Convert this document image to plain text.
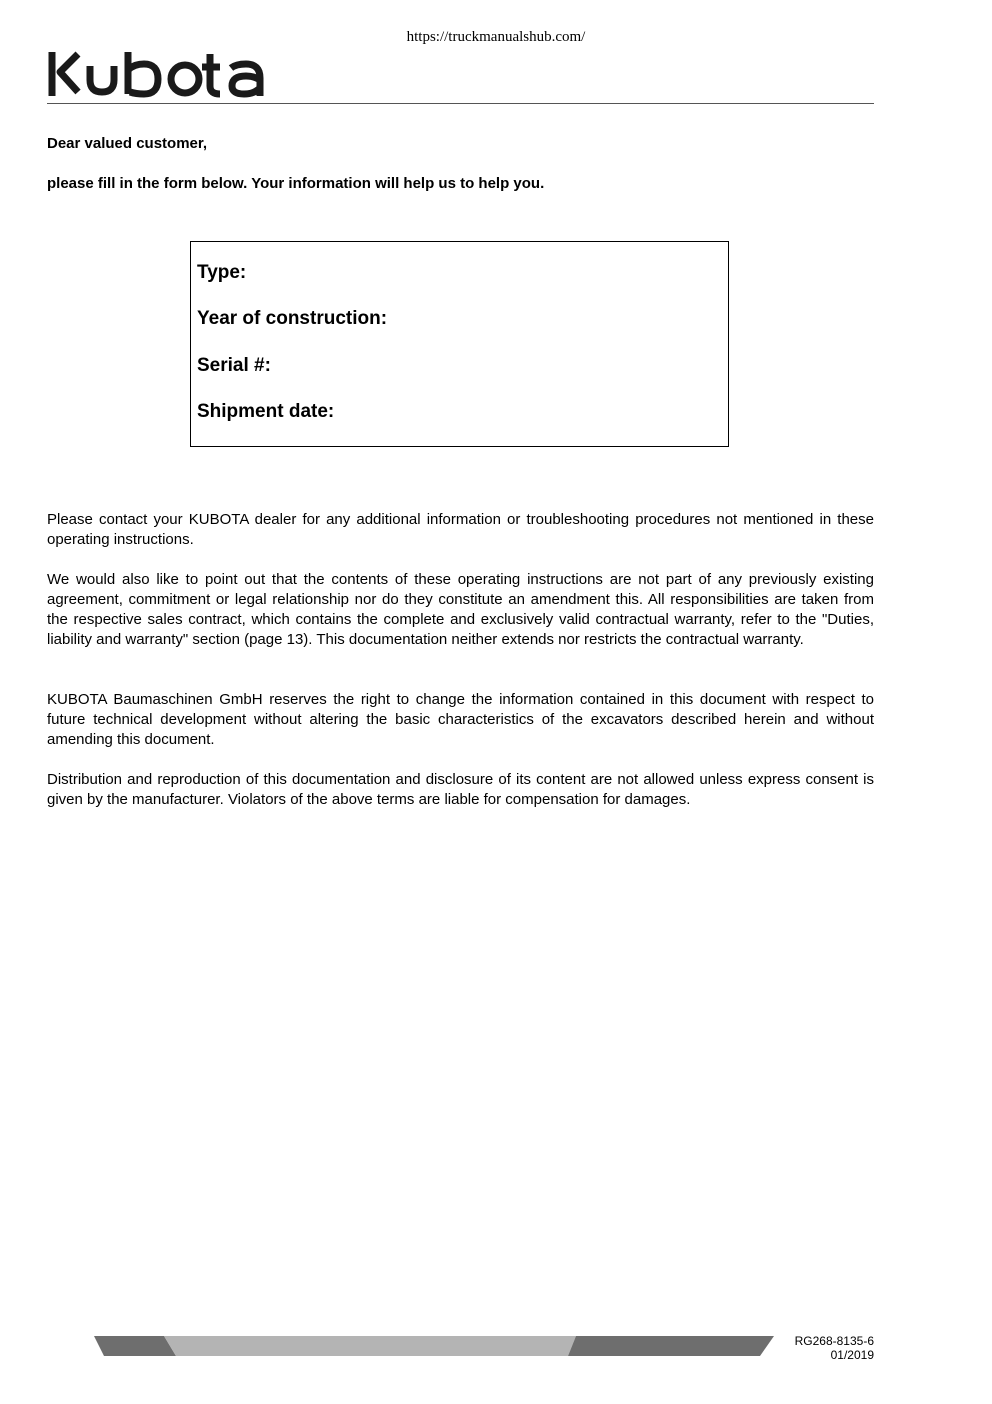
https://truckmanualshub.com/
Dear valued customer,
please fill in the form below. Your information will help us to help you.
Type:
Year of construction:
Serial #:
Shipment date:

Please contact your KUBOTA dealer for any additional information or troubleshooting procedures not mentioned in these operating instructions.

We would also like to point out that the contents of these operating instructions are not part of any previously existing agreement, commitment or legal relationship nor do they constitute an amendment this. All responsibilities are taken from the respective sales contract, which contains the complete and exclusively valid contractual warranty, refer to the "Duties, liability and warranty" section (page 13). This documentation neither extends nor restricts the contractual warranty.

KUBOTA Baumaschinen GmbH reserves the right to change the information contained in this document with respect to future technical development without altering the basic characteristics of the excavators described herein and without amending this document.

Distribution and reproduction of this documentation and disclosure of its content are not allowed unless express consent is given by the manufacturer. Violators of the above terms are liable for compensation for damages.

RG268-8135-6
01/2019
